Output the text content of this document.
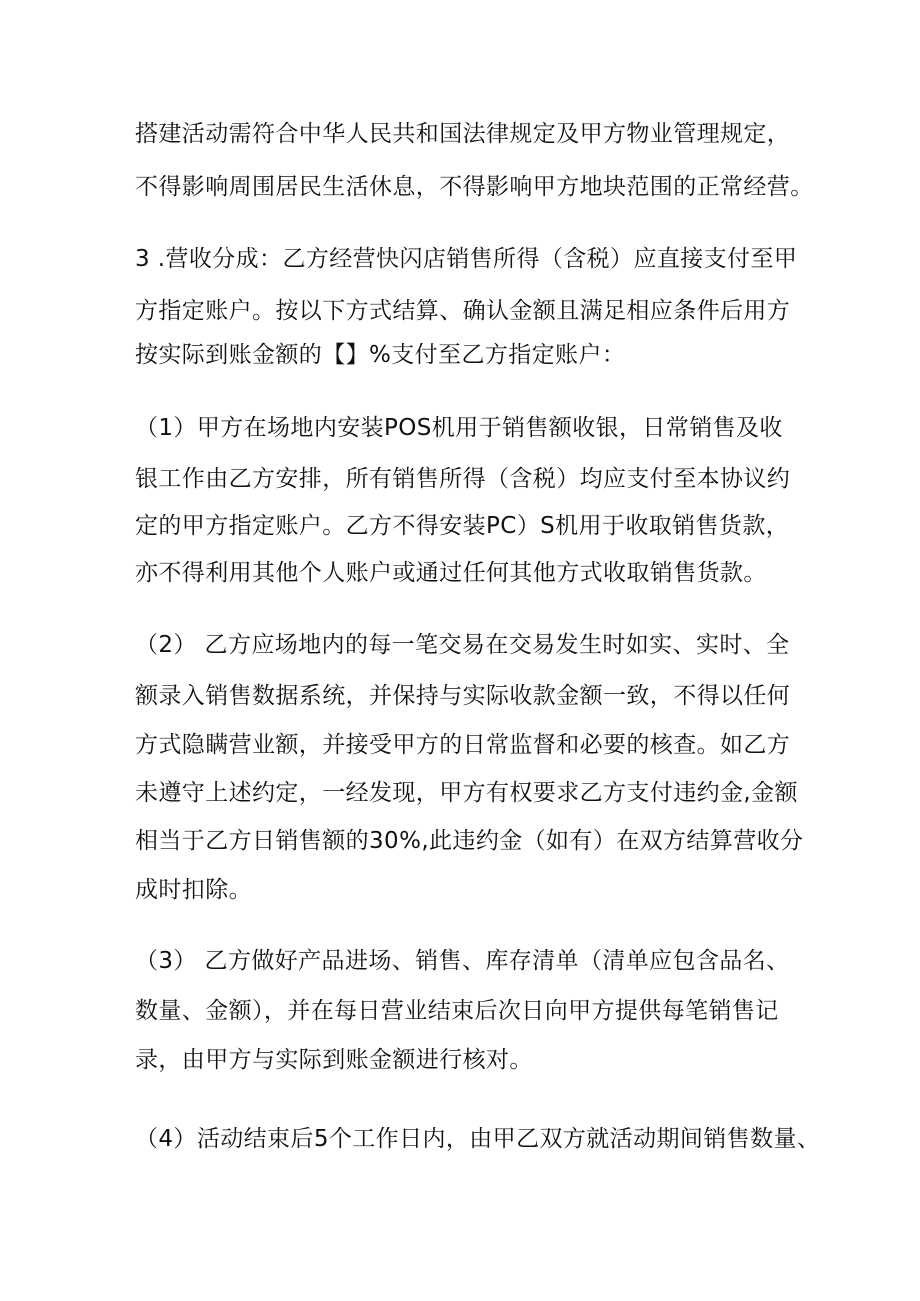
搭建活动需符合中华人民共和国法律规定及甲方物业管理规定，
不得影响周围居民生活休息，不得影响甲方地块范围的正常经营。
3 .营收分成：乙方经营快闪店销售所得（含税）应直接支付至甲
方指定账户。按以下方式结算、确认金额且满足相应条件后用方
按实际到账金额的【】%支付至乙方指定账户：
（1）甲方在场地内安装POS机用于销售额收银，日常销售及收
银工作由乙方安排，所有销售所得（含税）均应支付至本协议约
定的甲方指定账户。乙方不得安装PC）S机用于收取销售货款，
亦不得利用其他个人账户或通过任何其他方式收取销售货款。
（2） 乙方应场地内的每一笔交易在交易发生时如实、实时、全
额录入销售数据系统，并保持与实际收款金额一致，不得以任何
方式隐瞒营业额，并接受甲方的日常监督和必要的核查。如乙方
未遵守上述约定，一经发现，甲方有权要求乙方支付违约金,金额
相当于乙方日销售额的30%,此违约金（如有）在双方结算营收分
成时扣除。
（3） 乙方做好产品进场、销售、库存清单（清单应包含品名、
数量、金额），并在每日营业结束后次日向甲方提供每笔销售记
录，由甲方与实际到账金额进行核对。
（4）活动结束后5个工作日内，由甲乙双方就活动期间销售数量、
